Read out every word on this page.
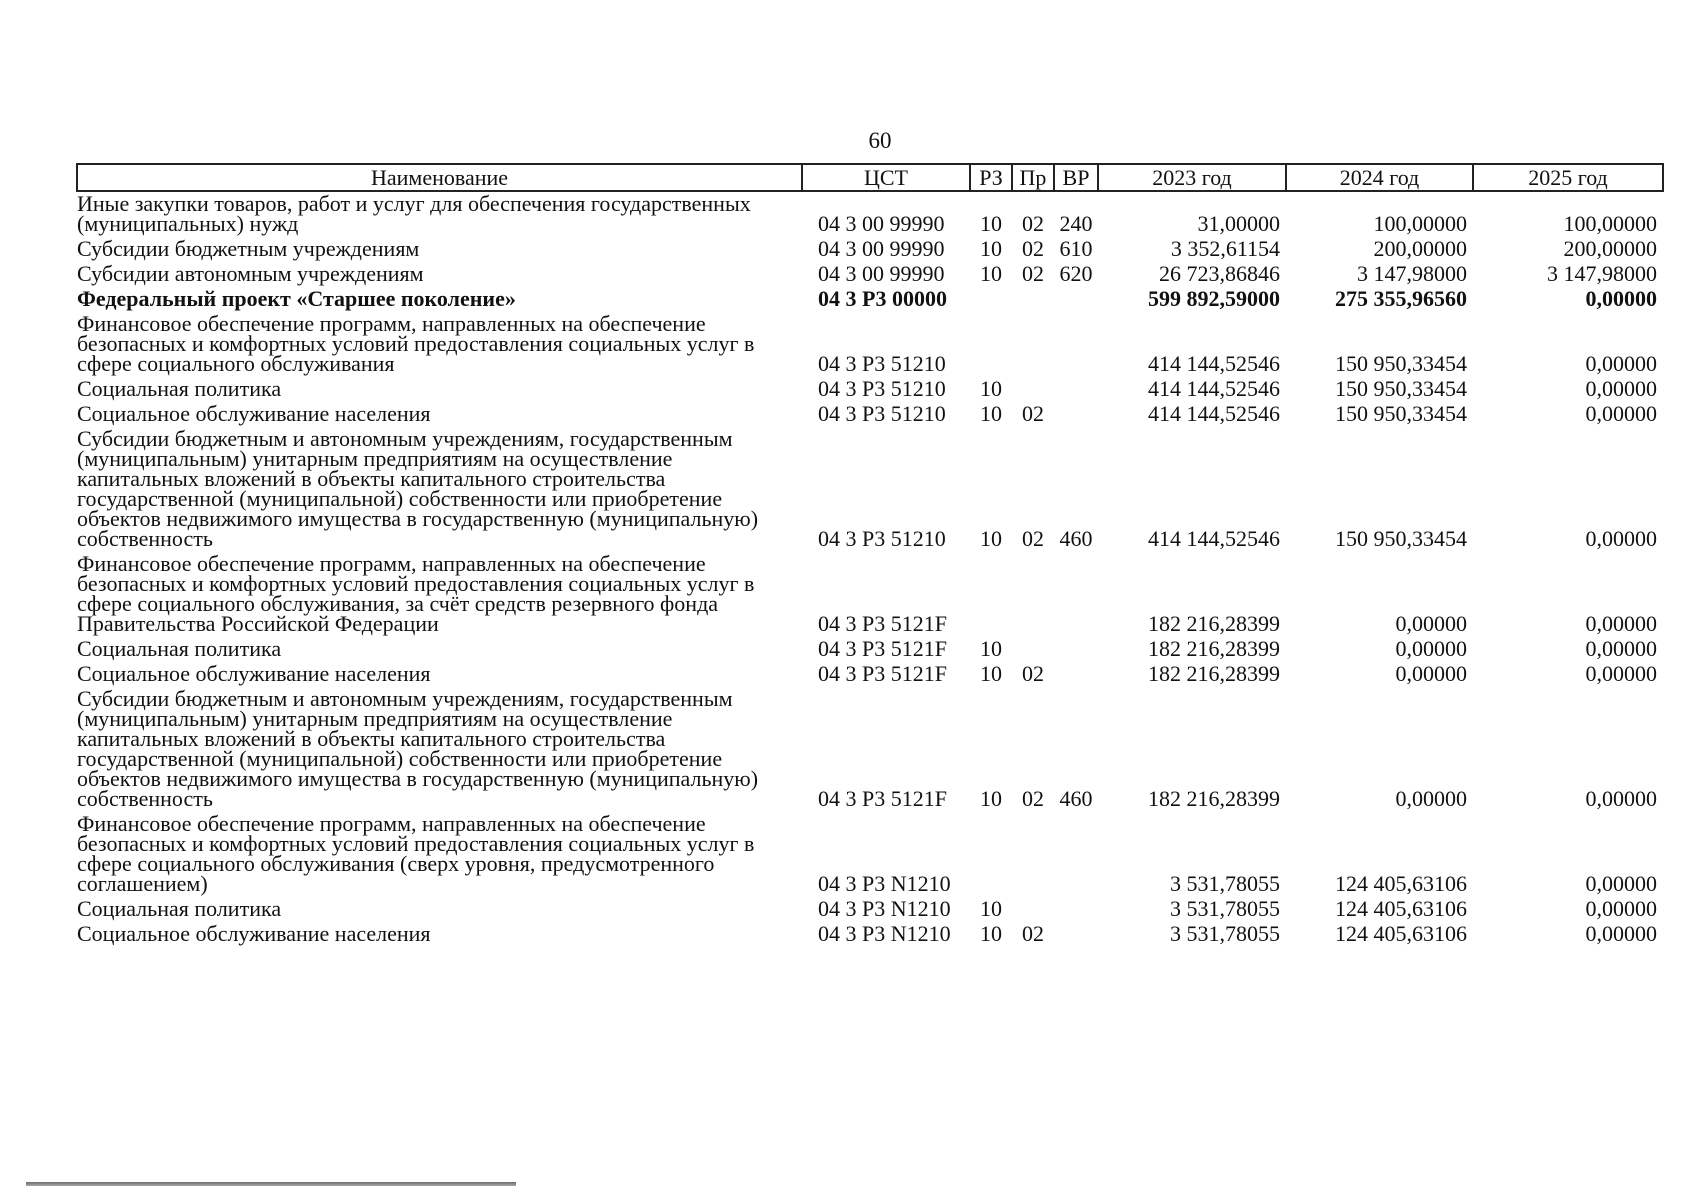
60
Наименование	ЦСТ	РЗ	Пр	ВР	2023 год	2024 год	2025 год
Иные закупки товаров, работ и услуг для обеспечения государственных (муниципальных) нужд	04 3 00 99990	10	02	240	31,00000	100,00000	100,00000
Субсидии бюджетным учреждениям	04 3 00 99990	10	02	610	3 352,61154	200,00000	200,00000
Субсидии автономным учреждениям	04 3 00 99990	10	02	620	26 723,86846	3 147,98000	3 147,98000
Федеральный проект «Старшее поколение»	04 3 P3 00000				599 892,59000	275 355,96560	0,00000
Финансовое обеспечение программ, направленных на обеспечение безопасных и комфортных условий предоставления социальных услуг в сфере социального обслуживания	04 3 P3 51210				414 144,52546	150 950,33454	0,00000
Социальная политика	04 3 P3 51210	10			414 144,52546	150 950,33454	0,00000
Социальное обслуживание населения	04 3 P3 51210	10	02		414 144,52546	150 950,33454	0,00000
Субсидии бюджетным и автономным учреждениям, государственным (муниципальным) унитарным предприятиям на осуществление капитальных вложений в объекты капитального строительства государственной (муниципальной) собственности или приобретение объектов недвижимого имущества в государственную (муниципальную) собственность	04 3 P3 51210	10	02	460	414 144,52546	150 950,33454	0,00000
Финансовое обеспечение программ, направленных на обеспечение безопасных и комфортных условий предоставления социальных услуг в сфере социального обслуживания, за счёт средств резервного фонда Правительства Российской Федерации	04 3 P3 5121F				182 216,28399	0,00000	0,00000
Социальная политика	04 3 P3 5121F	10			182 216,28399	0,00000	0,00000
Социальное обслуживание населения	04 3 P3 5121F	10	02		182 216,28399	0,00000	0,00000
Субсидии бюджетным и автономным учреждениям, государственным (муниципальным) унитарным предприятиям на осуществление капитальных вложений в объекты капитального строительства государственной (муниципальной) собственности или приобретение объектов недвижимого имущества в государственную (муниципальную) собственность	04 3 P3 5121F	10	02	460	182 216,28399	0,00000	0,00000
Финансовое обеспечение программ, направленных на обеспечение безопасных и комфортных условий предоставления социальных услуг в сфере социального обслуживания (сверх уровня, предусмотренного соглашением)	04 3 P3 N1210				3 531,78055	124 405,63106	0,00000
Социальная политика	04 3 P3 N1210	10			3 531,78055	124 405,63106	0,00000
Социальное обслуживание населения	04 3 P3 N1210	10	02		3 531,78055	124 405,63106	0,00000
